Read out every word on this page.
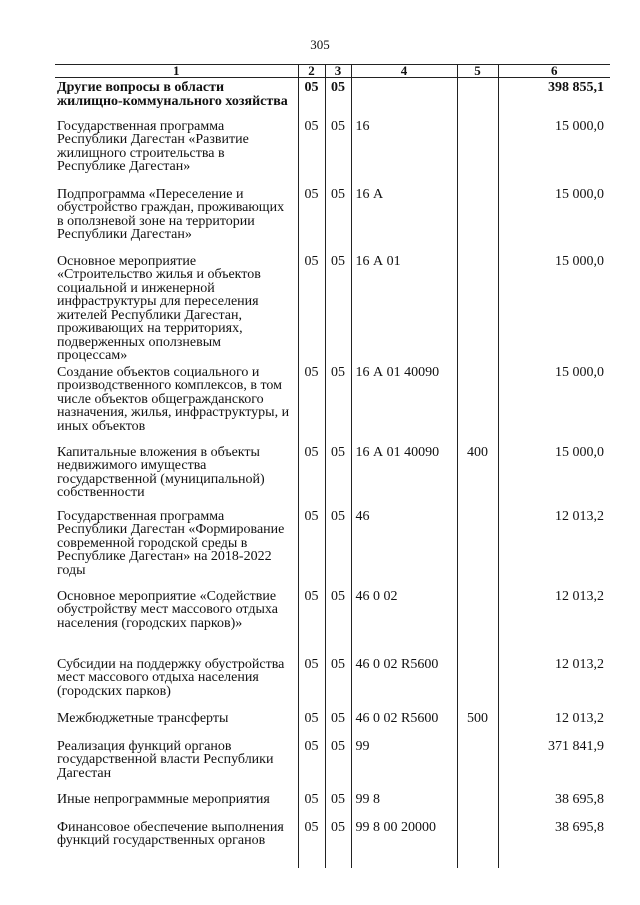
305
1	2	3	4	5	6
Другие вопросы в области жилищно-коммунального хозяйства	05	05			398 855,1
Государственная программа Республики Дагестан «Развитие жилищного строительства в Республике Дагестан»	05	05	16		15 000,0
Подпрограмма «Переселение и обустройство граждан, проживающих в оползневой зоне на территории Республики Дагестан»	05	05	16 А		15 000,0
Основное мероприятие «Строительство жилья и объектов социальной и инженерной инфраструктуры для переселения жителей Республики Дагестан, проживающих на территориях, подверженных оползневым процессам»	05	05	16 А 01		15 000,0
Создание объектов социального и производственного комплексов, в том числе объектов общегражданского назначения, жилья, инфраструктуры, и иных объектов	05	05	16 А 01 40090		15 000,0
Капитальные вложения в объекты недвижимого имущества государственной (муниципальной) собственности	05	05	16 А 01 40090	400	15 000,0
Государственная программа Республики Дагестан «Формирование современной городской среды в Республике Дагестан» на 2018-2022 годы	05	05	46		12 013,2
Основное мероприятие «Содействие обустройству мест массового отдыха населения (городских парков)»	05	05	46 0 02		12 013,2
Субсидии на поддержку обустройства мест массового отдыха населения (городских парков)	05	05	46 0 02 R5600		12 013,2
Межбюджетные трансферты	05	05	46 0 02 R5600	500	12 013,2
Реализация функций органов государственной власти Республики Дагестан	05	05	99		371 841,9
Иные непрограммные мероприятия	05	05	99 8		38 695,8
Финансовое обеспечение выполнения функций государственных органов	05	05	99 8 00 20000		38 695,8
